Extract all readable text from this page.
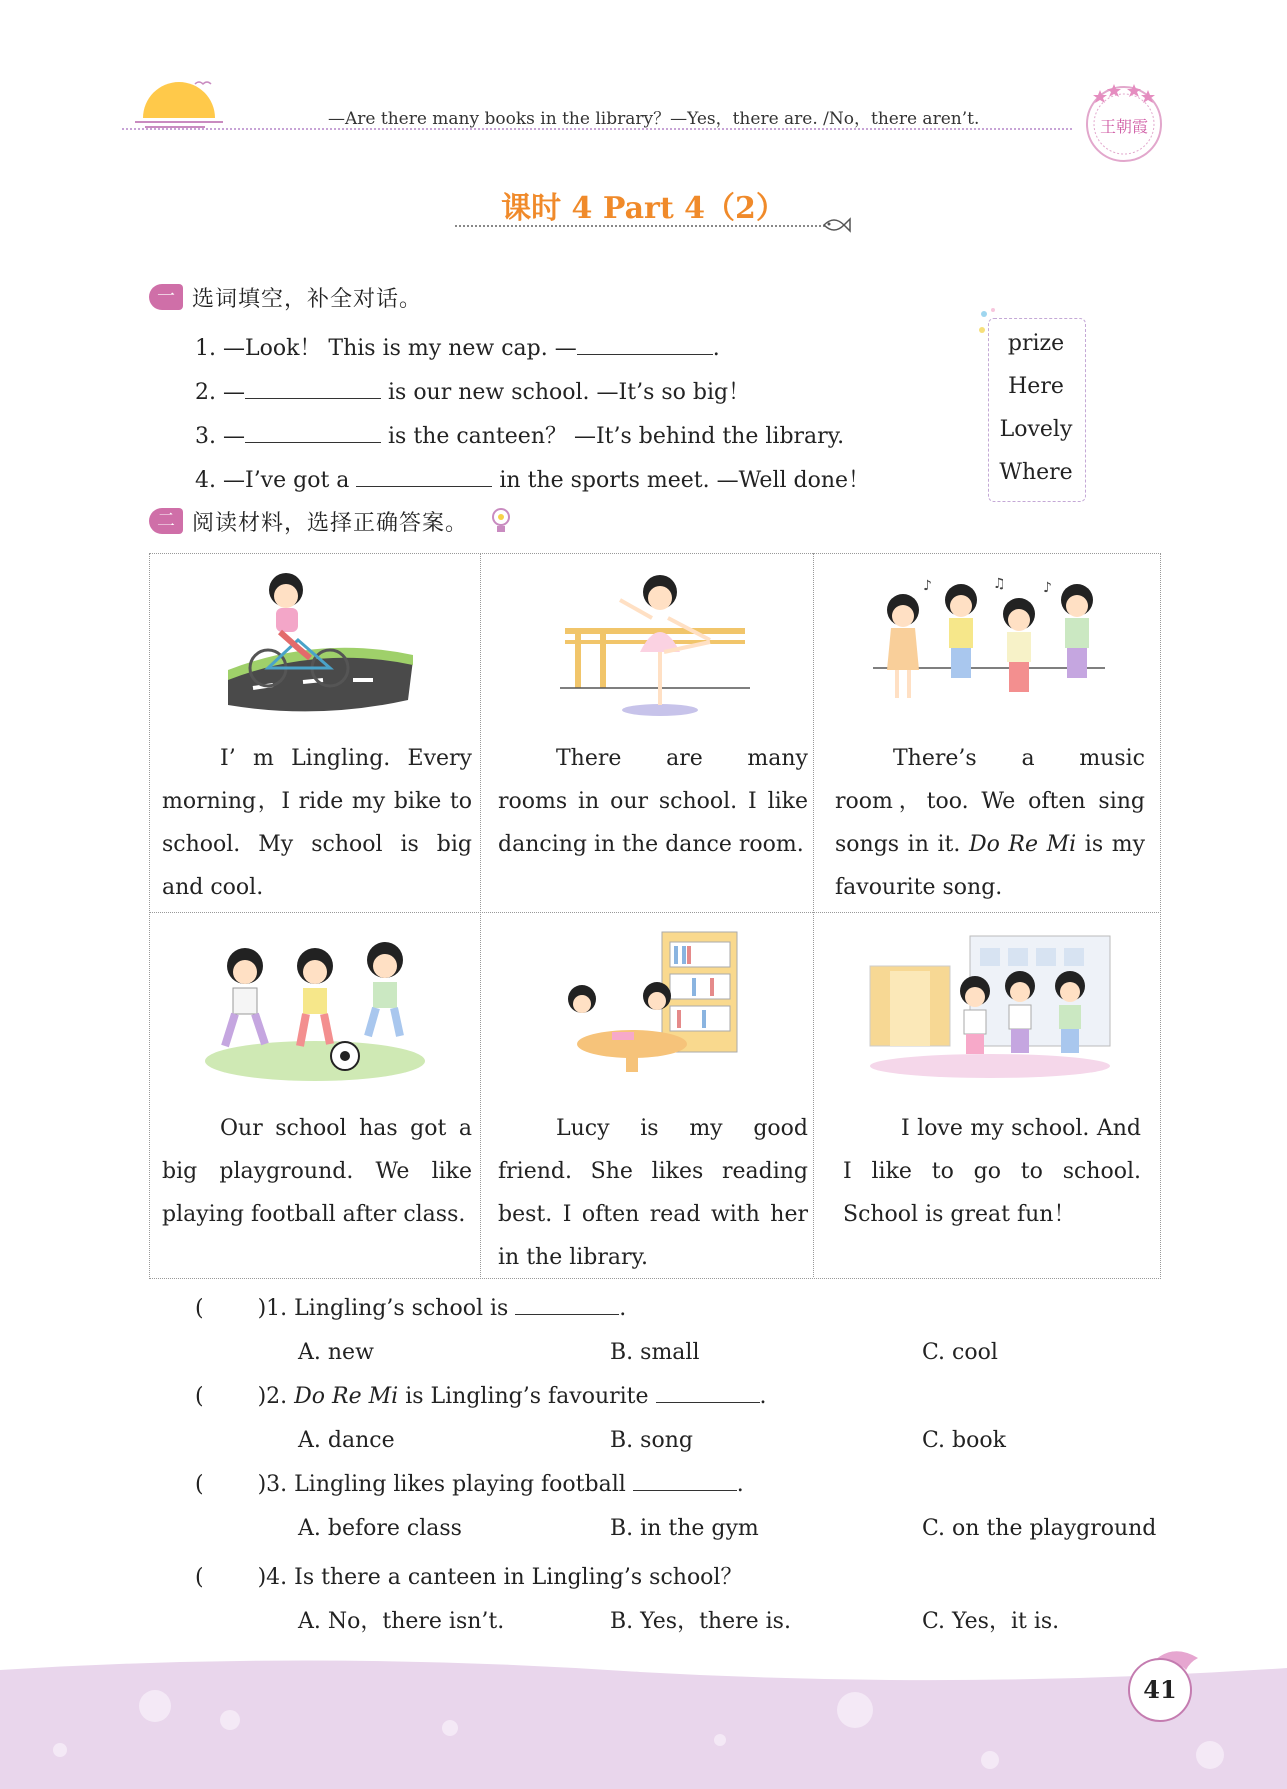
—Are there many books in the library？—Yes，there are. /No，there aren’t.	王朝霞
课时 4 Part 4（2）
一 选词填空，补全对话。
1. —Look！ This is my new cap. —	.
2. —	is our new school. —It’s so big！
3. —	is the canteen？ —It’s behind the library.
4. —I’ve got a	in the sports meet. —Well done！
prize
Here
Lovely
Where
二 阅读材料，选择正确答案。
I’ m Lingling. Every morning，I ride my bike to school. My school is big and cool.
There are many rooms in our school. I like dancing in the dance room.
♪	♫	♪
There’s a music room，too. We often sing songs in it. Do Re Mi is my favourite song.
Our school has got a big playground. We like playing football after class.
Lucy is my good friend. She likes reading best. I often read with her in the library.
I love my school. And I like to go to school. School is great fun！
( )1. Lingling’s school is	.
A. new	B. small	C. cool
( )2. Do Re Mi is Lingling’s favourite	.
A. dance	B. song	C. book
( )3. Lingling likes playing football	.
A. before class	B. in the gym	C. on the playground
( )4. Is there a canteen in Lingling’s school？
A. No，there isn’t.	B. Yes，there is.	C. Yes，it is.
41
